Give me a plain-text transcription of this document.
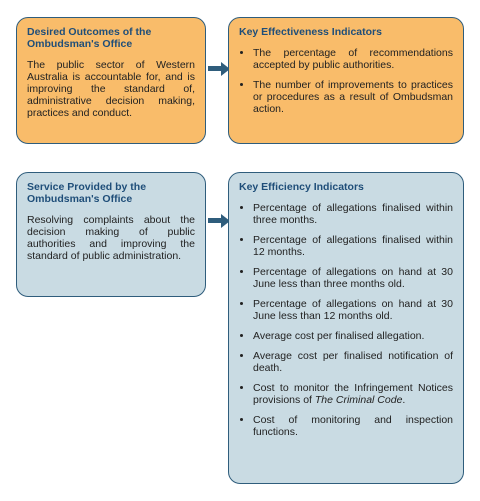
Desired Outcomes of the Ombudsman's Office
The public sector of Western Australia is accountable for, and is improving the standard of, administrative decision making, practices and conduct.
Key Effectiveness Indicators
• The percentage of recommendations accepted by public authorities.
• The number of improvements to practices or procedures as a result of Ombudsman action.
Service Provided by the Ombudsman's Office
Resolving complaints about the decision making of public authorities and improving the standard of public administration.
Key Efficiency Indicators
• Percentage of allegations finalised within three months.
• Percentage of allegations finalised within 12 months.
• Percentage of allegations on hand at 30 June less than three months old.
• Percentage of allegations on hand at 30 June less than 12 months old.
• Average cost per finalised allegation.
• Average cost per finalised notification of death.
• Cost to monitor the Infringement Notices provisions of The Criminal Code.
• Cost of monitoring and inspection functions.
